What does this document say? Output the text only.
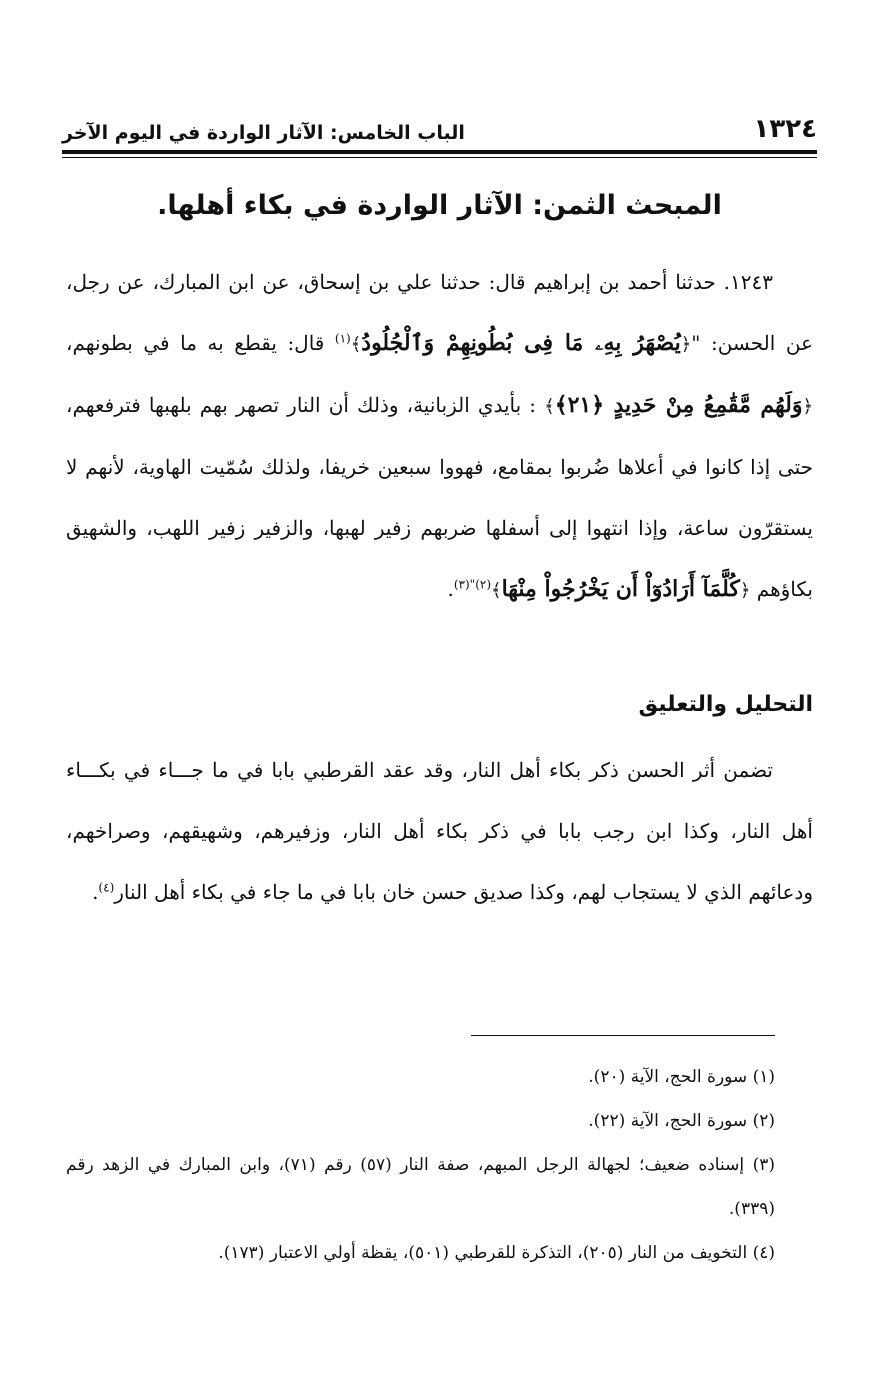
١٣٢٤
الباب الخامس: الآثار الواردة في اليوم الآخر
المبحث الثمن: الآثار الواردة في بكاء أهلها.
١٢٤٣. حدثنا أحمد بن إبراهيم قال: حدثنا علي بن إسحاق، عن ابن المبارك، عن رجل، عن الحسن: "﴿يُصْهَرُ بِهِۦ مَا فِى بُطُونِهِمْ وَٱلْجُلُودُ﴾$^{(١)}$ قال: يقطع به ما في بطونهم، ﴿وَلَهُم مَّقَٰمِعُ مِنْ حَدِيدٍ ﴿٢١﴾﴾ : بأيدي الزبانية، وذلك أن النار تصهر بهم بلهبها فترفعهم، حتى إذا كانوا في أعلاها ضُربوا بمقامع، فهووا سبعين خريفا، ولذلك سُمّيت الهاوية، لأنهم لا يستقرّون ساعة، وإذا انتهوا إلى أسفلها ضربهم زفير لهبها، والزفير زفير اللهب، والشهيق بكاؤهم ﴿كُلَّمَآ أَرَادُوٓاْ أَن يَخْرُجُواْ مِنْهَا﴾$^{(٢)"(٣)}$.
التحليل والتعليق
تضمن أثر الحسن ذكر بكاء أهل النار، وقد عقد القرطبي بابا في ما جـــاء في بكـــاء أهل النار، وكذا ابن رجب بابا في ذكر بكاء أهل النار، وزفيرهم، وشهيقهم، وصراخهم، ودعائهم الذي لا يستجاب لهم، وكذا صديق حسن خان بابا في ما جاء في بكاء أهل النار$^{(٤)}$.

(١) سورة الحج، الآية (٢٠).

(٢) سورة الحج، الآية (٢٢).

(٣) إسناده ضعيف؛ لجهالة الرجل المبهم، صفة النار (٥٧) رقم (٧١)، وابن المبارك في الزهد رقم (٣٣٩).

(٤) التخويف من النار (٢٠٥)، التذكرة للقرطبي (٥٠١)، يقظة أولي الاعتبار (١٧٣).
